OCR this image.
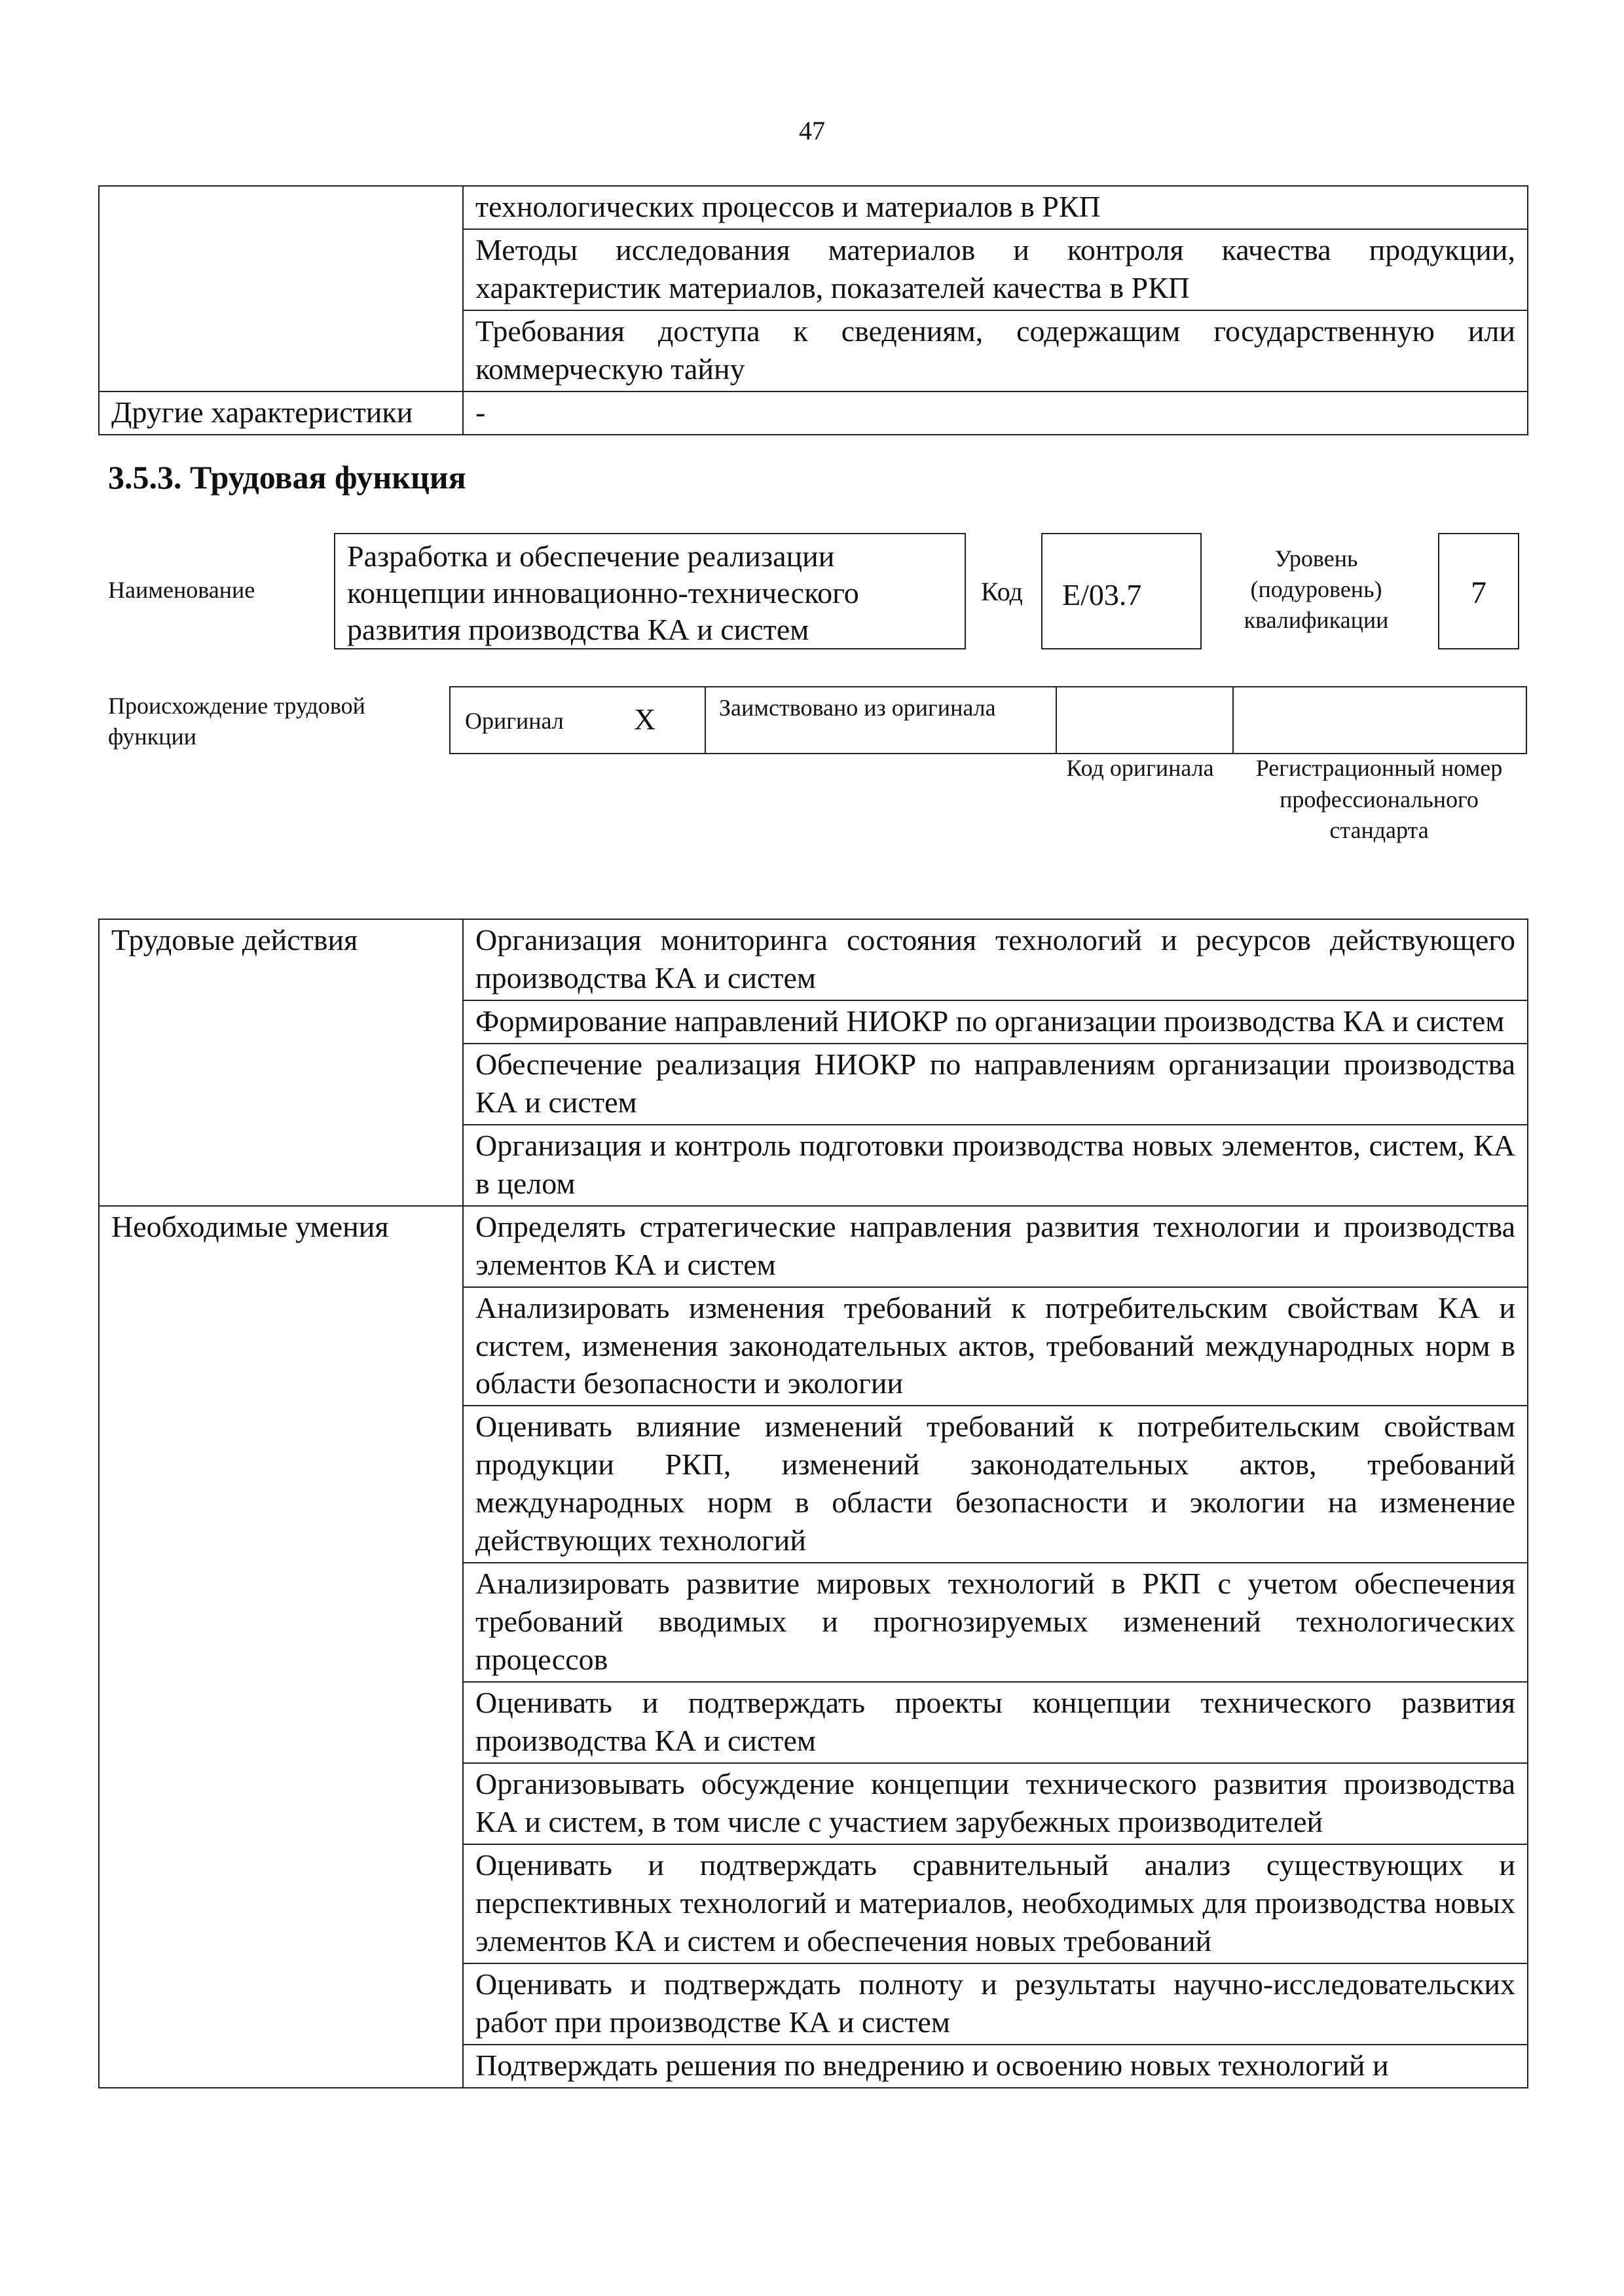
47
	технологических процессов и материалов в РКП
	Методы исследования материалов и контроля качества продукции, характеристик материалов, показателей качества в РКП
	Требования доступа к сведениям, содержащим государственную или коммерческую тайну
Другие характеристики	-
3.5.3. Трудовая функция
Наименование
Разработка и обеспечение реализации концепции инновационно-технического развития производства КА и систем
Код	E/03.7
Уровень (подуровень) квалификации
7
Происхождение трудовой функции
Оригинал X	Заимствовано из оригинала
Код оригинала	Регистрационный номер профессионального стандарта
Трудовые действия	Организация мониторинга состояния технологий и ресурсов действующего производства КА и систем
	Формирование направлений НИОКР по организации производства КА и систем
	Обеспечение реализация НИОКР по направлениям организации производства КА и систем
	Организация и контроль подготовки производства новых элементов, систем, КА в целом
Необходимые умения	Определять стратегические направления развития технологии и производства элементов КА и систем
	Анализировать изменения требований к потребительским свойствам КА и систем, изменения законодательных актов, требований международных норм в области безопасности и экологии
	Оценивать влияние изменений требований к потребительским свойствам продукции РКП, изменений законодательных актов, требований международных норм в области безопасности и экологии на изменение действующих технологий
	Анализировать развитие мировых технологий в РКП с учетом обеспечения требований вводимых и прогнозируемых изменений технологических процессов
	Оценивать и подтверждать проекты концепции технического развития производства КА и систем
	Организовывать обсуждение концепции технического развития производства КА и систем, в том числе с участием зарубежных производителей
	Оценивать и подтверждать сравнительный анализ существующих и перспективных технологий и материалов, необходимых для производства новых элементов КА и систем и обеспечения новых требований
	Оценивать и подтверждать полноту и результаты научно-исследовательских работ при производстве КА и систем
	Подтверждать решения по внедрению и освоению новых технологий и
